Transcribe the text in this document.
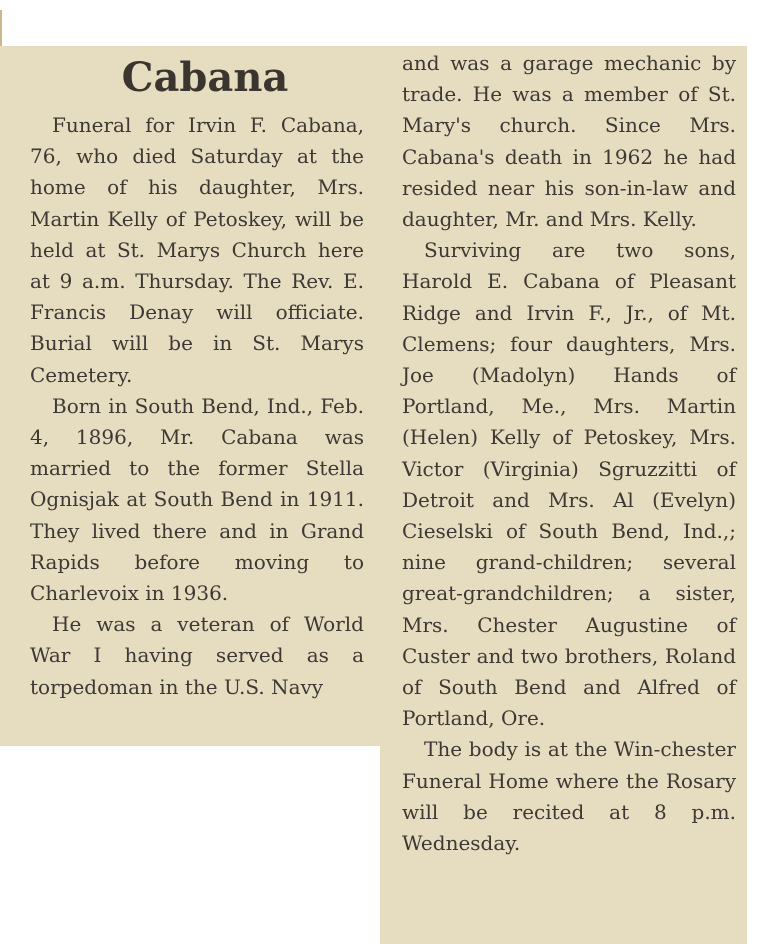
Cabana

Funeral for Irvin F. Cabana, 76, who died Saturday at the home of his daughter, Mrs. Martin Kelly of Petoskey, will be held at St. Marys Church here at 9 a.m. Thursday. The Rev. E. Francis Denay will officiate. Burial will be in St. Marys Cemetery.

Born in South Bend, Ind., Feb. 4, 1896, Mr. Cabana was married to the former Stella Ognisjak at South Bend in 1911. They lived there and in Grand Rapids before moving to Charlevoix in 1936.

He was a veteran of World War I having served as a torpedoman in the U.S. Navy

and was a garage mechanic by trade. He was a member of St. Mary's church. Since Mrs. Cabana's death in 1962 he had resided near his son-in-law and daughter, Mr. and Mrs. Kelly.

Surviving are two sons, Harold E. Cabana of Pleasant Ridge and Irvin F., Jr., of Mt. Clemens; four daughters, Mrs. Joe (Madolyn) Hands of Portland, Me., Mrs. Martin (Helen) Kelly of Petoskey, Mrs. Victor (Virginia) Sgruzzitti of Detroit and Mrs. Al (Evelyn) Cieselski of South Bend, Ind.,; nine grand-children; several great-grandchildren; a sister, Mrs. Chester Augustine of Custer and two brothers, Roland of South Bend and Alfred of Portland, Ore.

The body is at the Win-chester Funeral Home where the Rosary will be recited at 8 p.m. Wednesday.
